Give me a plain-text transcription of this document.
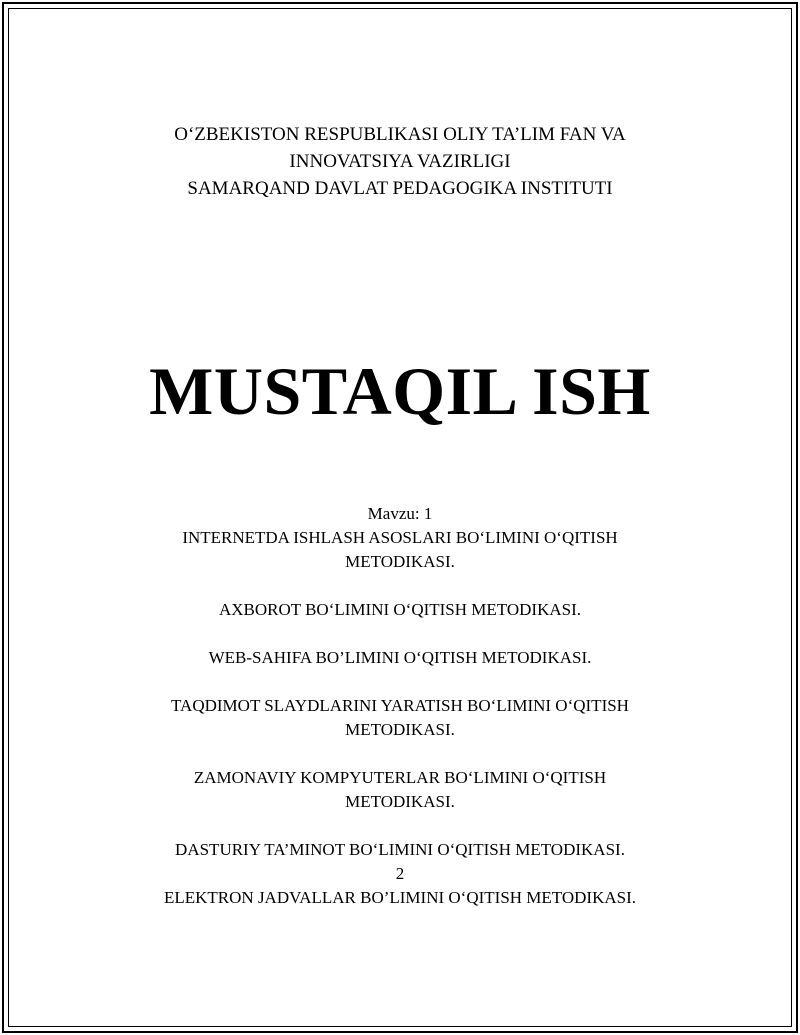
O‘ZBEKISTON RESPUBLIKASI OLIY TA’LIM FAN VA
INNOVATSIYA VAZIRLIGI
SAMARQAND DAVLAT PEDAGOGIKA INSTITUTI
MUSTAQIL ISH
Mavzu: 1
INTERNETDA ISHLASH ASOSLARI BO‘LIMINI O‘QITISH
METODIKASI.
AXBOROT BO‘LIMINI O‘QITISH METODIKASI.
WEB-SAHIFA BO’LIMINI O‘QITISH METODIKASI.
TAQDIMOT SLAYDLARINI YARATISH BO‘LIMINI O‘QITISH
METODIKASI.
ZAMONAVIY KOMPYUTERLAR BO‘LIMINI O‘QITISH
METODIKASI.
DASTURIY TA’MINOT BO‘LIMINI O‘QITISH METODIKASI.
2
ELEKTRON JADVALLAR BO’LIMINI O‘QITISH METODIKASI.
